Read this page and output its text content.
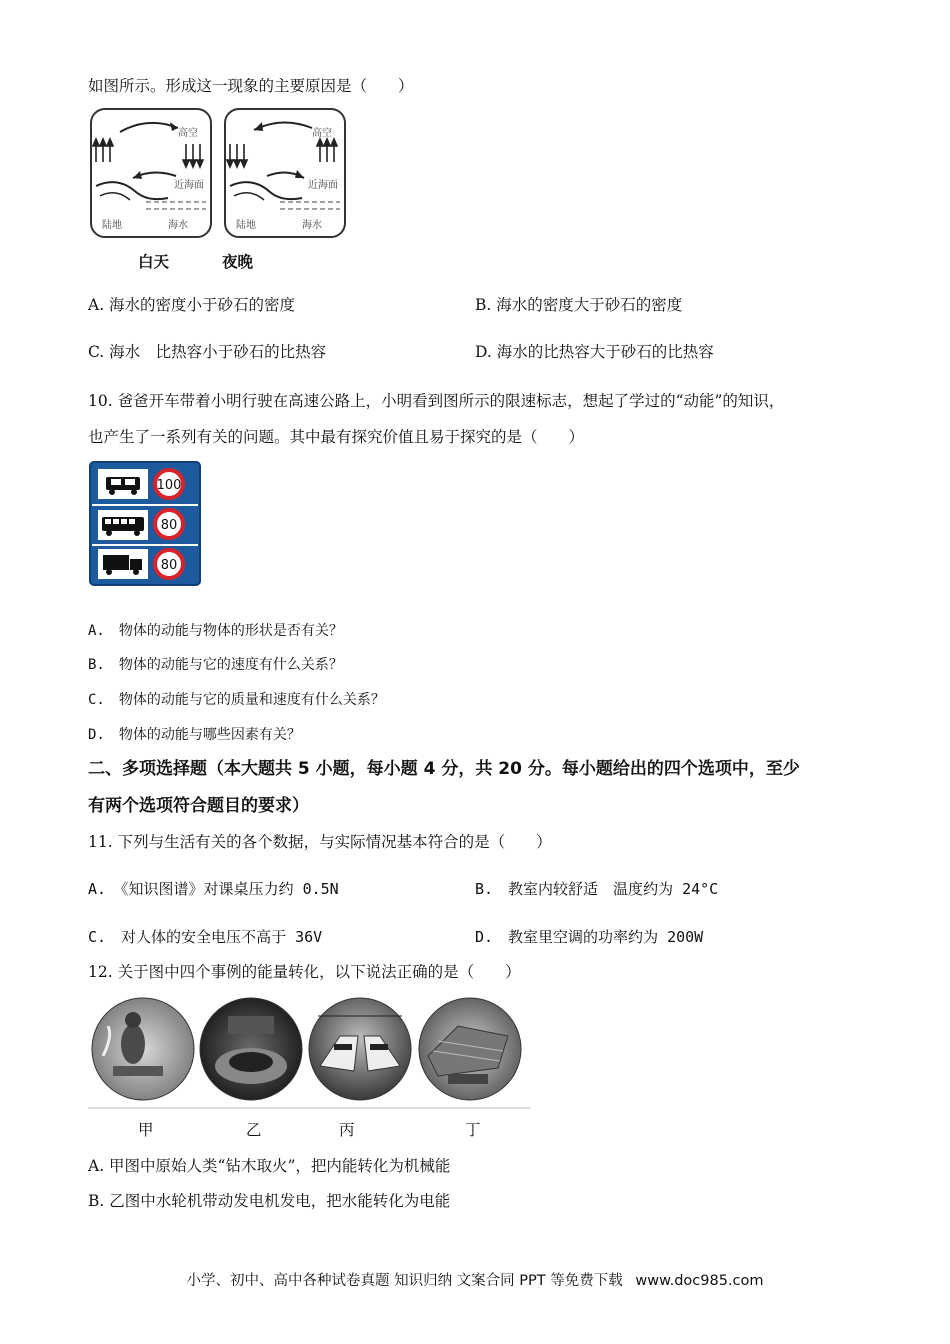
如图所示。形成这一现象的主要原因是（　　）
高空
近海面
陆地	海水
高空
近海面
陆地	海水
白天	夜晚
A. 海水的密度小于砂石的密度	B. 海水的密度大于砂石的密度
C. 海水　比热容小于砂石的比热容	D. 海水的比热容大于砂石的比热容
10. 爸爸开车带着小明行驶在高速公路上，小明看到图所示的限速标志，想起了学过的“动能”的知识，
也产生了一系列有关的问题。其中最有探究价值且易于探究的是（　　）
100
80
80
A.　物体的动能与物体的形状是否有关？
B.　物体的动能与它的速度有什么关系？
C.　物体的动能与它的质量和速度有什么关系？
D.　物体的动能与哪些因素有关？
二、多项选择题（本大题共 5 小题，每小题 4 分，共 20 分。每小题给出的四个选项中，至少
有两个选项符合题目的要求）
11. 下列与生活有关的各个数据，与实际情况基本符合的是（　　）
A.　《知识图谱》对课桌压力约 0.5N	B.　教室内较舒适　温度约为 24°C
C.　对人体的安全电压不高于 36V	D.　教室里空调的功率约为 200W
12. 关于图中四个事例的能量转化，以下说法正确的是（　　）
甲	乙	丙	丁
A. 甲图中原始人类“钻木取火”，把内能转化为机械能
B. 乙图中水轮机带动发电机发电，把水能转化为电能
小学、初中、高中各种试卷真题 知识归纳 文案合同 PPT 等免费下载 www.doc985.com
